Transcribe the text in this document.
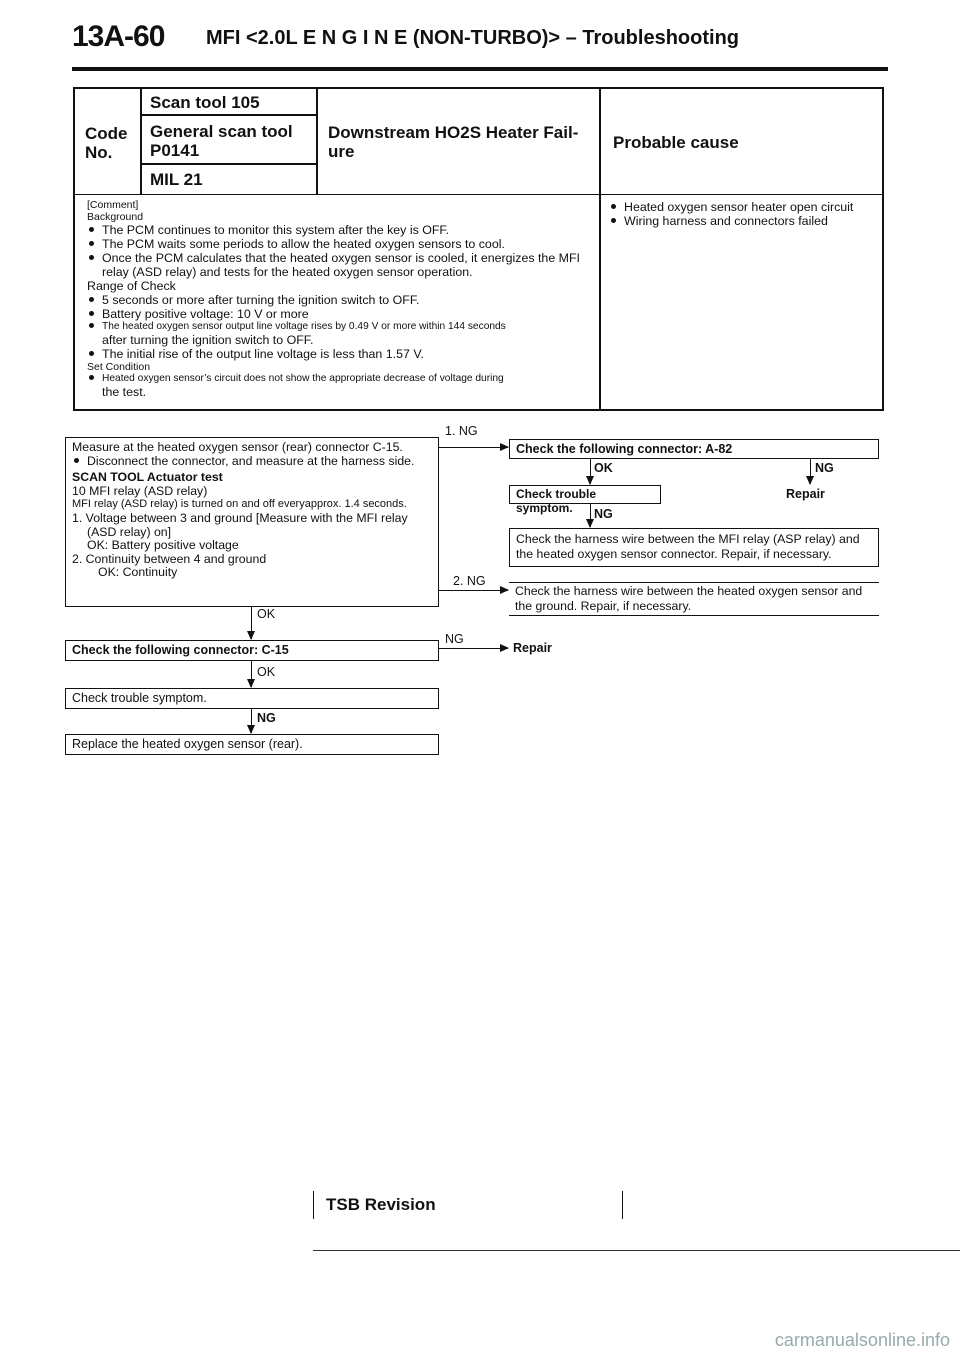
13A-60 MFI <2.0L E N G I N E (NON-TURBO)> – Troubleshooting
Code
No.
Scan tool 105
General scan tool
P0141
MIL 21
Downstream HO2S Heater Fail-
ure	Probable cause
[Comment]
Background
The PCM continues to monitor this system after the key is OFF.
The PCM waits some periods to allow the heated oxygen sensors to cool.
Once the PCM calculates that the heated oxygen sensor is cooled, it energizes the MFI
relay (ASD relay) and tests for the heated oxygen sensor operation.
Range of Check
5 seconds or more after turning the ignition switch to OFF.
Battery positive voltage: 10 V or more
The heated oxygen sensor output line voltage rises by 0.49 V or more within 144 seconds
after turning the ignition switch to OFF.
The initial rise of the output line voltage is less than 1.57 V.
Set Condition
Heated oxygen sensor’s circuit does not show the appropriate decrease of voltage during
the test.
Heated oxygen sensor heater open circuit
Wiring harness and connectors failed
Measure at the heated oxygen sensor (rear) connector C-15.
Disconnect the connector, and measure at the harness side.
SCAN TOOL Actuator test
10 MFI relay (ASD relay)
MFI relay (ASD relay) is turned on and off everyapprox. 1.4 seconds.
1. Voltage between 3 and ground [Measure with the MFI relay
(ASD relay) on]
OK: Battery positive voltage
2. Continuity between 4 and ground
OK: Continuity
1. NG
Check the following connector: A-82
OK	NG
Check trouble symptom.
Repair
NG
Check the harness wire between the MFI relay (ASP relay) and
the heated oxygen sensor connector. Repair, if necessary.
2. NG
Check the harness wire between the heated oxygen sensor and
the ground. Repair, if necessary.
OK
Check the following connector: C-15
NG
Repair
OK
Check trouble symptom.
NG
Replace the heated oxygen sensor (rear).
TSB Revision
carmanualsonline.info
